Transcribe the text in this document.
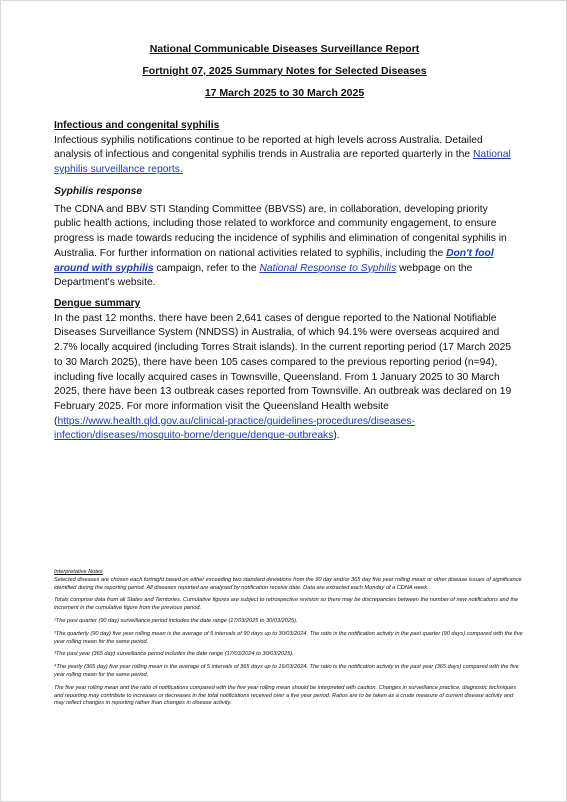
National Communicable Diseases Surveillance Report
Fortnight 07, 2025 Summary Notes for Selected Diseases
17 March 2025 to 30 March 2025
Infectious and congenital syphilis
Infectious syphilis notifications continue to be reported at high levels across Australia. Detailed analysis of infectious and congenital syphilis trends in Australia are reported quarterly in the National syphilis surveillance reports.
Syphilis response
The CDNA and BBV STI Standing Committee (BBVSS) are, in collaboration, developing priority public health actions, including those related to workforce and community engagement, to ensure progress is made towards reducing the incidence of syphilis and elimination of congenital syphilis in Australia. For further information on national activities related to syphilis, including the Don't fool around with syphilis campaign, refer to the National Response to Syphilis webpage on the Department's website.
Dengue summary
In the past 12 months. there have been 2,641 cases of dengue reported to the National Notifiable Diseases Surveillance System (NNDSS) in Australia, of which 94.1% were overseas acquired and 2.7% locally acquired (including Torres Strait islands). In the current reporting period (17 March 2025 to 30 March 2025), there have been 105 cases compared to the previous reporting period (n=94), including five locally acquired cases in Townsville, Queensland. From 1 January 2025 to 30 March 2025, there have been 13 outbreak cases reported from Townsville. An outbreak was declared on 19 February 2025. For more information visit the Queensland Health website (https://www.health.qld.gov.au/clinical-practice/guidelines-procedures/diseases-infection/diseases/mosquito-borne/dengue/dengue-outbreaks).

Interpretative Notes

Selected diseases are chosen each fortnight based on either exceeding two standard deviations from the 90 day and/or 365 day five year rolling mean or other disease issues of significance identified during the reporting period. All diseases reported are analysed by notification receive date. Data are extracted each Monday of a CDNA week.

Totals comprise data from all States and Territories. Cumulative figures are subject to retrospective revision so there may be discrepancies between the number of new notifications and the increment in the cumulative figure from the previous period.

¹The past quarter (90 day) surveillance period includes the date range (17/03/2025 to 30/03/2025).

²The quarterly (90 day) five year rolling mean is the average of 5 intervals of 90 days up to 30/03/2024. The ratio is the notification activity in the past quarter (90 days) compared with the five year rolling mean for the same period.

³The past year (365 day) surveillance period includes the date range (17/03/2024 to 30/03/2025).

⁴The yearly (365 day) five year rolling mean is the average of 5 intervals of 365 days up to 16/03/2024. The ratio is the notification activity in the past year (365 days) compared with the five year rolling mean for the same period.

The five year rolling mean and the ratio of notifications compared with the five year rolling mean should be interpreted with caution. Changes in surveillance practice, diagnostic techniques and reporting may contribute to increases or decreases in the total notifications received over a five year period. Ratios are to be taken as a crude measure of current disease activity and may reflect changes in reporting rather than changes in disease activity.
